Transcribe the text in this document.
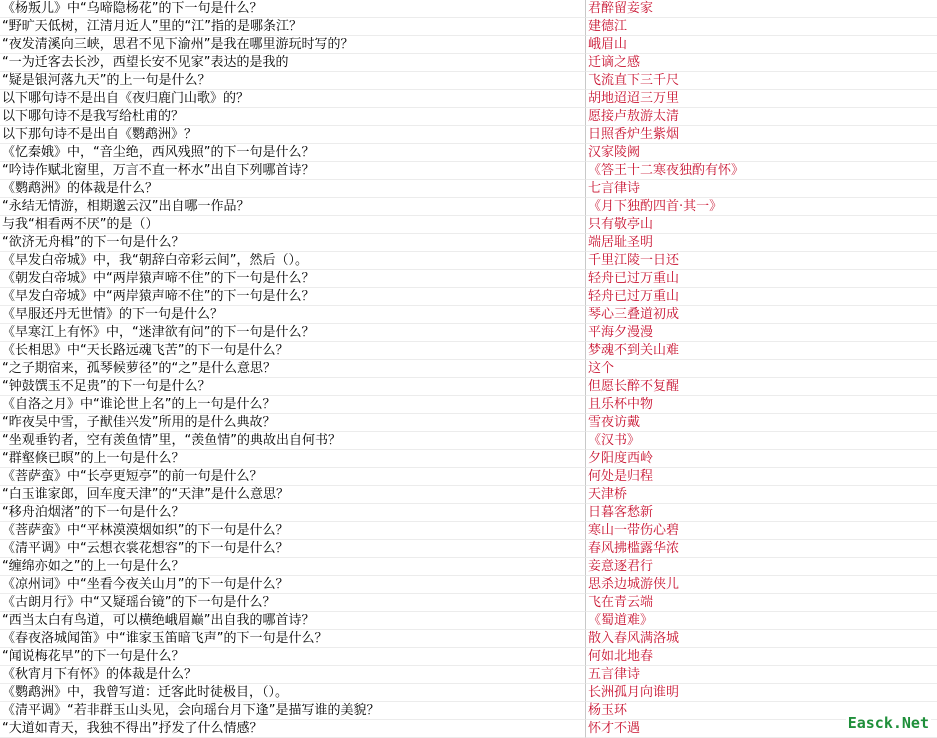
《杨叛儿》中“乌啼隐杨花”的下一句是什么？	君醉留妾家
“野旷天低树，江清月近人”里的“江”指的是哪条江？	建德江
“夜发清溪向三峡，思君不见下渝州”是我在哪里游玩时写的？	峨眉山
“一为迁客去长沙，西望长安不见家”表达的是我的	迁谪之感
“疑是银河落九天”的上一句是什么？	飞流直下三千尺
以下哪句诗不是出自《夜归鹿门山歌》的？	胡地迢迢三万里
以下哪句诗不是我写给杜甫的？	愿接卢敖游太清
以下那句诗不是出自《鹦鹉洲》？	日照香炉生紫烟
《忆秦娥》中，“音尘绝，西风残照”的下一句是什么？	汉家陵阙
“吟诗作赋北窗里，万言不直一杯水”出自下列哪首诗？	《答王十二寒夜独酌有怀》
《鹦鹉洲》的体裁是什么？	七言律诗
“永结无情游，相期邈云汉”出自哪一作品？	《月下独酌四首·其一》
与我“相看两不厌”的是（）	只有敬亭山
“欲济无舟楫”的下一句是什么？	端居耻圣明
《早发白帝城》中，我“朝辞白帝彩云间”，然后（）。	千里江陵一日还
《朝发白帝城》中“两岸猿声啼不住”的下一句是什么？	轻舟已过万重山
《早发白帝城》中“两岸猿声啼不住”的下一句是什么？	轻舟已过万重山
《早服还丹无世情》的下一句是什么？	琴心三叠道初成
《早寒江上有怀》中，“迷津欲有问”的下一句是什么？	平海夕漫漫
《长相思》中“天长路远魂飞苦”的下一句是什么？	梦魂不到关山难
“之子期宿来，孤琴候萝径”的“之”是什么意思？	这个
“钟鼓馔玉不足贵”的下一句是什么？	但愿长醉不复醒
《自洛之月》中“谁论世上名”的上一句是什么？	且乐杯中物
“昨夜吴中雪，子猷佳兴发”所用的是什么典故？	雪夜访戴
“坐观垂钓者，空有羡鱼情”里，“羡鱼情”的典故出自何书？	《汉书》
“群壑倏已暝”的上一句是什么？	夕阳度西岭
《菩萨蛮》中“长亭更短亭”的前一句是什么？	何处是归程
“白玉谁家郎，回车度天津”的“天津”是什么意思？	天津桥
“移舟泊烟渚”的下一句是什么？	日暮客愁新
《菩萨蛮》中“平林漠漠烟如织”的下一句是什么？	寒山一带伤心碧
《清平调》中“云想衣裳花想容”的下一句是什么？	春风拂槛露华浓
“缠绵亦如之”的上一句是什么？	妾意逐君行
《凉州词》中“坐看今夜关山月”的下一句是什么？	思杀边城游侠儿
《古朗月行》中“又疑瑶台镜”的下一句是什么？	飞在青云端
“西当太白有鸟道，可以横绝峨眉巅”出自我的哪首诗？	《蜀道难》
《春夜洛城闻笛》中“谁家玉笛暗飞声”的下一句是什么？	散入春风满洛城
“闻说梅花早”的下一句是什么？	何如北地春
《秋宵月下有怀》的体裁是什么？	五言律诗
《鹦鹉洲》中，我曾写道：迁客此时徒极目，（）。	长洲孤月向谁明
《清平调》“若非群玉山头见，会向瑶台月下逢”是描写谁的美貌？	杨玉环
“大道如青天，我独不得出”抒发了什么情感？	怀才不遇	Easck.Net
